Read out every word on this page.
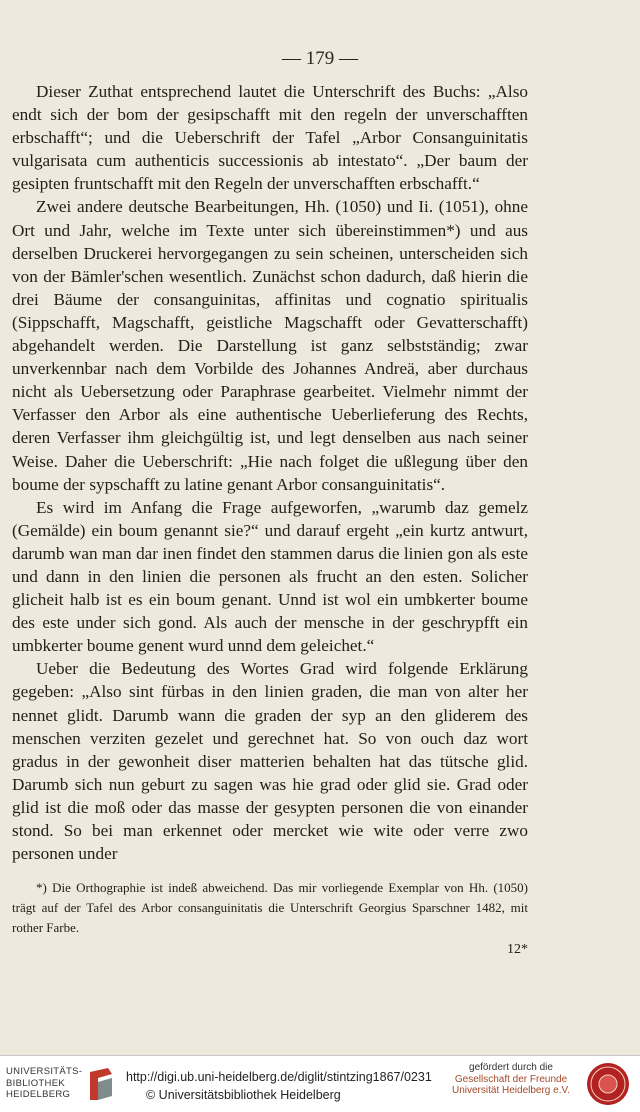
— 179 —

Dieser Zuthat entsprechend lautet die Unterschrift des Buchs: „Also endt sich der bom der gesipschafft mit den regeln der unverschafften erbschafft“; und die Ueberschrift der Tafel „Arbor Consanguinitatis vulgarisata cum authenticis successionis ab intestato“. „Der baum der gesipten fruntschafft mit den Regeln der unverschafften erbschafft.“

Zwei andere deutsche Bearbeitungen, Hh. (1050) und Ii. (1051), ohne Ort und Jahr, welche im Texte unter sich übereinstimmen*) und aus derselben Druckerei hervorgegangen zu sein scheinen, unterscheiden sich von der Bämler'schen wesentlich. Zunächst schon dadurch, daß hierin die drei Bäume der consanguinitas, affinitas und cognatio spiritualis (Sippschafft, Magschafft, geistliche Magschafft oder Gevatterschafft) abgehandelt werden. Die Darstellung ist ganz selbstständig; zwar unverkennbar nach dem Vorbilde des Johannes Andreä, aber durchaus nicht als Uebersetzung oder Paraphrase gearbeitet. Vielmehr nimmt der Verfasser den Arbor als eine authentische Ueberlieferung des Rechts, deren Verfasser ihm gleichgültig ist, und legt denselben aus nach seiner Weise. Daher die Ueberschrift: „Hie nach folget die ußlegung über den boume der sypschafft zu latine genant Arbor consanguinitatis“.

Es wird im Anfang die Frage aufgeworfen, „warumb daz gemelz (Gemälde) ein boum genannt sie?“ und darauf ergeht „ein kurtz antwurt, darumb wan man dar inen findet den stammen darus die linien gon als este und dann in den linien die personen als frucht an den esten. Solicher glicheit halb ist es ein boum genant. Unnd ist wol ein umbkerter boume des este under sich gond. Als auch der mensche in der geschrypfft ein umbkerter boume genent wurd unnd dem geleichet.“

Ueber die Bedeutung des Wortes Grad wird folgende Erklärung gegeben: „Also sint fürbas in den linien graden, die man von alter her nennet glidt. Darumb wann die graden der syp an den gliderem des menschen verziten gezelet und gerechnet hat. So von ouch daz wort gradus in der gewonheit diser matterien behalten hat das tütsche glid. Darumb sich nun geburt zu sagen was hie grad oder glid sie. Grad oder glid ist die moß oder das masse der gesypten personen die von einander stond. So bei man erkennet oder mercket wie wite oder verre zwo personen under

*) Die Orthographie ist indeß abweichend. Das mir vorliegende Exemplar von Hh. (1050) trägt auf der Tafel des Arbor consanguinitatis die Unterschrift Georgius Sparschner 1482, mit rother Farbe.
12*
UNIVERSITÄTS-
BIBLIOTHEK
HEIDELBERG
http://digi.ub.uni-heidelberg.de/diglit/stintzing1867/0231
© Universitätsbibliothek Heidelberg
gefördert durch die
Gesellschaft der Freunde
Universität Heidelberg e.V.
